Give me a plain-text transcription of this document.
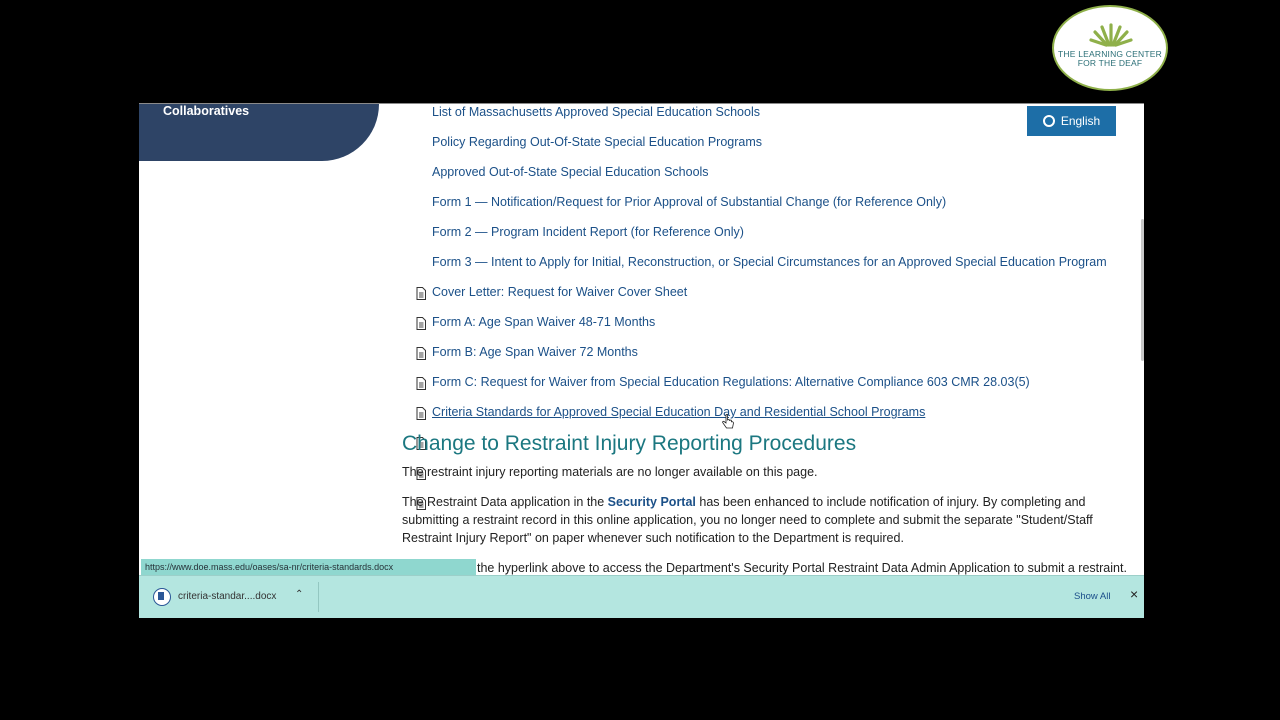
THE LEARNING CENTER
FOR THE DEAF
Collaboratives
English
List of Massachusetts Approved Special Education Schools
Policy Regarding Out-Of-State Special Education Programs
Approved Out-of-State Special Education Schools
Form 1 — Notification/Request for Prior Approval of Substantial Change (for Reference Only)
Form 2 — Program Incident Report (for Reference Only)
Form 3 — Intent to Apply for Initial, Reconstruction, or Special Circumstances for an Approved Special Education Program
Cover Letter: Request for Waiver Cover Sheet
Form A: Age Span Waiver 48-71 Months
Form B: Age Span Waiver 72 Months
Form C: Request for Waiver from Special Education Regulations: Alternative Compliance 603 CMR 28.03(5)
Criteria Standards for Approved Special Education Day and Residential School Programs
Change to Restraint Injury Reporting Procedures
The restraint injury reporting materials are no longer available on this page.
The Restraint Data application in the Security Portal has been enhanced to include notification of injury. By completing and submitting a restraint record in this online application, you no longer need to complete and submit the separate "Student/Staff Restraint Injury Report" on paper whenever such notification to the Department is required.
the hyperlink above to access the Department's Security Portal Restraint Data Admin Application to submit a restraint.
https://www.doe.mass.edu/oases/sa-nr/criteria-standards.docx
criteria-standar....docx ⌃	Show All ×
